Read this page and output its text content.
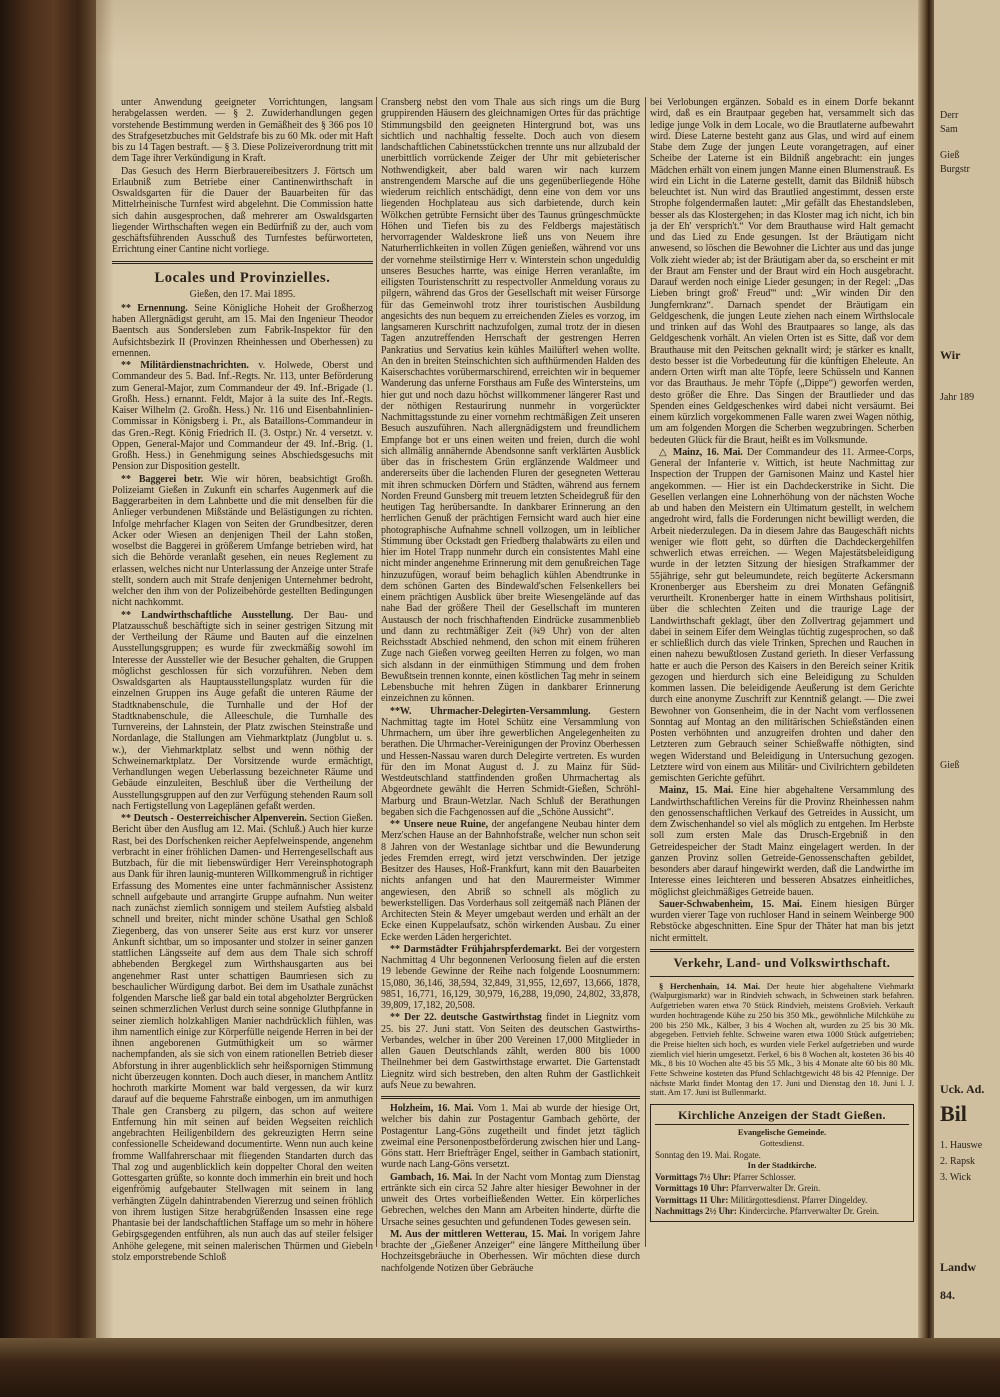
Derr
Sam
Gieß
Burgstr
Wir
Jahr 189
Gieß
Uck. Ad.
Bil
1. Hauswe
2. Rapsk
3. Wick
Landw
84.

unter Anwendung geeigneter Vorrichtungen, langsam herabgelassen werden. — § 2. Zuwiderhandlungen gegen vorstehende Bestimmung werden in Gemäßheit des § 366 pos 10 des Strafgesetzbuches mit Geldstrafe bis zu 60 Mk. oder mit Haft bis zu 14 Tagen bestraft. — § 3. Diese Polizeiverordnung tritt mit dem Tage ihrer Verkündigung in Kraft.

Das Gesuch des Herrn Bierbrauereibesitzers J. Förtsch um Erlaubniß zum Betriebe einer Cantinenwirthschaft in Oswaldsgarten für die Dauer der Bauarbeiten für das Mittelrheinische Turnfest wird abgelehnt. Die Commission hatte sich dahin ausgesprochen, daß mehrerer am Oswaldsgarten liegender Wirthschaften wegen ein Bedürfniß zu der, auch vom geschäftsführenden Ausschuß des Turnfestes befürworteten, Errichtung einer Cantine nicht vorliege.

Locales und Provinzielles.

Gießen, den 17. Mai 1895.

** Ernennung. Seine Königliche Hoheit der Großherzog haben Allergnädigst geruht, am 15. Mai den Ingenieur Theodor Baentsch aus Sondersleben zum Fabrik-Inspektor für den Aufsichtsbezirk II (Provinzen Rheinhessen und Oberhessen) zu ernennen.

** Militärdienstnachrichten. v. Holwede, Oberst und Commandeur des 5. Bad. Inf.-Regts. Nr. 113, unter Beförderung zum General-Major, zum Commandeur der 49. Inf.-Brigade (1. Großh. Hess.) ernannt. Feldt, Major à la suite des Inf.-Regts. Kaiser Wilhelm (2. Großh. Hess.) Nr. 116 und Eisenbahnlinien-Commissar in Königsberg i. Pr., als Bataillons-Commandeur in das Gren.-Regt. König Friedrich II. (3. Ostpr.) Nr. 4 versetzt. v. Oppen, General-Major und Commandeur der 49. Inf.-Brig. (1. Großh. Hess.) in Genehmigung seines Abschiedsgesuchs mit Pension zur Disposition gestellt.

** Baggerei betr. Wie wir hören, beabsichtigt Großh. Polizeiamt Gießen in Zukunft ein scharfes Augenmerk auf die Baggerarbeiten in dem Lahnbette und die mit denselben für die Anlieger verbundenen Mißstände und Belästigungen zu richten. Infolge mehrfacher Klagen von Seiten der Grundbesitzer, deren Acker oder Wiesen an denjenigen Theil der Lahn stoßen, woselbst die Baggerei in größerem Umfange betrieben wird, hat sich die Behörde veranlaßt gesehen, ein neues Reglement zu erlassen, welches nicht nur Unterlassung der Anzeige unter Strafe stellt, sondern auch mit Strafe denjenigen Unternehmer bedroht, welcher den ihm von der Polizeibehörde gestellten Bedingungen nicht nachkommt.

** Landwirthschaftliche Ausstellung. Der Bau- und Platzausschuß beschäftigte sich in seiner gestrigen Sitzung mit der Vertheilung der Räume und Bauten auf die einzelnen Ausstellungsgruppen; es wurde für zweckmäßig sowohl im Interesse der Aussteller wie der Besucher gehalten, die Gruppen möglichst geschlossen für sich vorzuführen. Neben dem Oswaldsgarten als Hauptausstellungsplatz wurden für die einzelnen Gruppen ins Auge gefaßt die unteren Räume der Stadtknabenschule, die Turnhalle und der Hof der Stadtknabenschule, die Alleeschule, die Turnhalle des Turnvereins, der Lahnstein, der Platz zwischen Steinstraße und Nordanlage, die Stallungen am Viehmarktplatz (Jungblut u. s. w.), der Viehmarktplatz selbst und wenn nöthig der Schweinemarktplatz. Der Vorsitzende wurde ermächtigt, Verhandlungen wegen Ueberlassung bezeichneter Räume und Gebäude einzuleiten, Beschluß über die Vertheilung der Ausstellungsgruppen auf den zur Verfügung stehenden Raum soll nach Fertigstellung von Lageplänen gefaßt werden.

** Deutsch - Oesterreichischer Alpenverein. Section Gießen. Bericht über den Ausflug am 12. Mai. (Schluß.) Auch hier kurze Rast, bei des Dorfschenken reicher Aepfelweinspende, angenehm verbracht in einer fröhlichen Damen- und Herrengesellschaft aus Butzbach, für die mit liebenswürdiger Herr Vereinsphotograph aus Dank für ihren launig-munteren Willkommengruß in richtiger Erfassung des Momentes eine unter fachmännischer Assistenz schnell aufgebaute und arrangirte Gruppe aufnahm. Nun weiter nach zunächst ziemlich sonnigem und steilem Aufstieg alsbald schnell und breiter, nicht minder schöne Usathal gen Schloß Ziegenberg, das von unserer Seite aus erst kurz vor unserer Ankunft sichtbar, um so imposanter und stolzer in seiner ganzen stattlichen Längsseite auf dem aus dem Thale sich schroff abhebenden Bergkegel zum Wirthshausgarten aus bei angenehmer Rast unter schattigen Baumriesen sich zu beschaulicher Würdigung darbot. Bei dem im Usathale zunächst folgenden Marsche ließ gar bald ein total abgeholzter Bergrücken seinen schmerzlichen Verlust durch seine sonnige Gluthpfanne in seiner ziemlich holzkahligen Manier nachdrücklich fühlen, was ihm namentlich einige zur Körperfülle neigende Herren in bei der ihnen angeborenen Gutmüthigkeit um so wärmer nachempfanden, als sie sich von einem rationellen Betrieb dieser Abforstung in ihrer augenblicklich sehr heißspornigen Stimmung nicht überzeugen konnten. Doch auch dieser, in manchem Antlitz hochroth markirte Moment war bald vergessen, da wir kurz darauf auf die bequeme Fahrstraße einbogen, um im anmuthigen Thale gen Cransberg zu pilgern, das schon auf weitere Entfernung hin mit seinen auf beiden Wegseiten reichlich angebrachten Heiligenbildern des gekreuzigten Herrn seine confessionelle Scheidewand documentirte. Wenn nun auch keine fromme Wallfahrerschaar mit fliegenden Standarten durch das Thal zog und augenblicklich kein doppelter Choral den weiten Gottesgarten grüßte, so konnte doch immerhin ein breit und hoch eigenfrömig aufgebauter Stellwagen mit seinem in lang verhängten Zügeln dahintrabenden Viererzug und seinen fröhlich von ihrem lustigen Sitze herabgrüßenden Insassen eine rege Phantasie bei der landschaftlichen Staffage um so mehr in höhere Gebirgsgegenden entführen, als nun auch das auf steiler felsiger Anhöhe gelegene, mit seinen malerischen Thürmen und Giebeln stolz emporstrebende Schloß

Cransberg nebst den vom Thale aus sich rings um die Burg gruppirenden Häusern des gleichnamigen Ortes für das prächtige Stimmungsbild den geeigneten Hintergrund bot, was uns sichtlich und nachhaltig fesselte. Doch auch von diesem landschaftlichen Cabinetsstückchen trennte uns nur allzubald der unerbittlich vorrückende Zeiger der Uhr mit gebieterischer Nothwendigkeit, aber bald waren wir nach kurzem anstrengendem Marsche auf die uns gegenüberliegende Höhe wiederum reichlich entschädigt, denn eine von dem vor uns liegenden Hochplateau aus sich darbietende, durch kein Wölkchen getrübte Fernsicht über des Taunus grüngeschmückte Höhen und Tiefen bis zu des Feldbergs majestätisch hervorragender Waldeskrone ließ uns von Neuem ihre Naturherrlichkeiten in vollen Zügen genießen, während vor uns der vornehme steilstirnige Herr v. Winterstein schon ungeduldig unseres Besuches harrte, was einige Herren veranlaßte, im eiligsten Touristenschritt zu respectvoller Anmeldung voraus zu pilgern, während das Gros der Gesellschaft mit weiser Fürsorge für das Gemeinwohl trotz ihrer touristischen Ausbildung angesichts des nun bequem zu erreichenden Zieles es vorzog, im langsameren Kurschritt nachzufolgen, zumal trotz der in diesen Tagen anzutreffenden Herrschaft der gestrengen Herren Pankratius und Servatius kein kühles Mailüfterl wehen wollte. An den in breiten Steinschichten sich aufthürmenden Halden des Kaiserschachtes vorübermarschirend, erreichten wir in bequemer Wanderung das unferne Forsthaus am Fuße des Wintersteins, um hier gut und noch dazu höchst willkommener längerer Rast und der nöthigen Restaurirung nunmehr in vorgerückter Nachmittagsstunde zu einer vornehm rechtmäßigen Zeit unseren Besuch auszuführen. Nach allergnädigstem und freundlichem Empfange bot er uns einen weiten und freien, durch die wohl sich allmälig annähernde Abendsonne sanft verklärten Ausblick über das in frischestem Grün erglänzende Waldmeer und andererseits über die lachenden Fluren der gesegneten Wetterau mit ihren schmucken Dörfern und Städten, während aus fernem Norden Freund Gunsberg mit treuem letzten Scheidegruß für den heutigen Tag herübersandte. In dankbarer Erinnerung an den herrlichen Genuß der prächtigen Fernsicht ward auch hier eine photographische Aufnahme schnell vollzogen, um in leiblicher Stimmung über Ockstadt gen Friedberg thalabwärts zu eilen und hier im Hotel Trapp nunmehr durch ein consistentes Mahl eine nicht minder angenehme Erinnerung mit dem genußreichen Tage hinzuzufügen, worauf beim behaglich kühlen Abendtrunke in dem schönen Garten des Bindewald'schen Felsenkellers bei einem prächtigen Ausblick über breite Wiesengelände auf das nahe Bad der größere Theil der Gesellschaft im munteren Austausch der noch frischhaftenden Eindrücke zusammenblieb und dann zu rechtmäßiger Zeit (¾9 Uhr) von der alten Reichsstadt Abschied nehmend, den schon mit einem früheren Zuge nach Gießen vorweg geeilten Herren zu folgen, wo man sich alsdann in der einmüthigen Stimmung und dem frohen Bewußtsein trennen konnte, einen köstlichen Tag mehr in seinem Lebensbuche mit hehren Zügen in dankbarer Erinnerung einzeichnen zu können.

**W. Uhrmacher-Delegirten-Versammlung. Gestern Nachmittag tagte im Hotel Schütz eine Versammlung von Uhrmachern, um über ihre gewerblichen Angelegenheiten zu berathen. Die Uhrmacher-Vereinigungen der Provinz Oberhessen und Hessen-Nassau waren durch Delegirte vertreten. Es wurden für den im Monat August d. J. zu Mainz für Süd-Westdeutschland stattfindenden großen Uhrmachertag als Abgeordnete gewählt die Herren Schmidt-Gießen, Schröhl-Marburg und Braun-Wetzlar. Nach Schluß der Berathungen begaben sich die Fachgenossen auf die „Schöne Aussicht“.

** Unsere neue Ruine, der angefangene Neubau hinter dem Merz'schen Hause an der Bahnhofstraße, welcher nun schon seit 8 Jahren von der Westanlage sichtbar und die Bewunderung jedes Fremden erregt, wird jetzt verschwinden. Der jetzige Besitzer des Hauses, Hoß-Frankfurt, kann mit den Bauarbeiten nichts anfangen und hat den Maurermeister Wimmer angewiesen, den Abriß so schnell als möglich zu bewerkstelligen. Das Vorderhaus soll zeitgemäß nach Plänen der Architecten Stein & Meyer umgebaut werden und erhält an der Ecke einen Kuppelaufsatz, schön wirkenden Ausbau. Zu einer Ecke werden Läden hergerichtet.

** Darmstädter Frühjahrspferdemarkt. Bei der vorgestern Nachmittag 4 Uhr begonnenen Verloosung fielen auf die ersten 19 lebende Gewinne der Reihe nach folgende Loosnummern: 15,080, 36,146, 38,594, 32,849, 31,955, 12,697, 13,666, 1878, 9851, 16,771, 16,129, 30,979, 16,288, 19,090, 24,802, 33,878, 39,809, 17,182, 20,508.

** Der 22. deutsche Gastwirthstag findet in Liegnitz vom 25. bis 27. Juni statt. Von Seiten des deutschen Gastwirths-Verbandes, welcher in über 200 Vereinen 17,000 Mitglieder in allen Gauen Deutschlands zählt, werden 800 bis 1000 Theilnehmer bei dem Gastwirthstage erwartet. Die Gartenstadt Liegnitz wird sich bestreben, den alten Ruhm der Gastlichkeit aufs Neue zu bewahren.

Holzheim, 16. Mai. Vom 1. Mai ab wurde der hiesige Ort, welcher bis dahin zur Postagentur Gambach gehörte, der Postagentur Lang-Göns zugetheilt und findet jetzt täglich zweimal eine Personenpostbeförderung zwischen hier und Lang-Göns statt. Herr Briefträger Engel, seither in Gambach stationirt, wurde nach Lang-Göns versetzt.

Gambach, 16. Mai. In der Nacht vom Montag zum Dienstag ertränkte sich ein circa 52 Jahre alter hiesiger Bewohner in der unweit des Ortes vorbeifließenden Wetter. Ein körperliches Gebrechen, welches den Mann am Arbeiten hinderte, dürfte die Ursache seines gesuchten und gefundenen Todes gewesen sein.

M. Aus der mittleren Wetterau, 15. Mai. In vorigem Jahre brachte der „Gießener Anzeiger“ eine längere Mittheilung über Hochzeitsgebräuche in Oberhessen. Wir möchten diese durch nachfolgende Notizen über Gebräuche

bei Verlobungen ergänzen. Sobald es in einem Dorfe bekannt wird, daß es ein Brautpaar gegeben hat, versammelt sich das ledige junge Volk in dem Locale, wo die Brautlaterne aufbewahrt wird. Diese Laterne besteht ganz aus Glas, und wird auf einem Stabe dem Zuge der jungen Leute vorangetragen, auf einer Scheibe der Laterne ist ein Bildniß angebracht: ein junges Mädchen erhält von einem jungen Manne einen Blumenstrauß. Es wird ein Licht in die Laterne gestellt, damit das Bildniß hübsch beleuchtet ist. Nun wird das Brautlied angestimmt, dessen erste Strophe folgendermaßen lautet: „Mir gefällt das Ehestandsleben, besser als das Klostergehen; in das Kloster mag ich nicht, ich bin ja der Eh' versprich't.“ Vor dem Brauthause wird Halt gemacht und das Lied zu Ende gesungen. Ist der Bräutigam nicht anwesend, so löschen die Bewohner die Lichter aus und das junge Volk zieht wieder ab; ist der Bräutigam aber da, so erscheint er mit der Braut am Fenster und der Braut wird ein Hoch ausgebracht. Darauf werden noch einige Lieder gesungen; in der Regel: „Das Lieben bringt groß' Freud'“ und: „Wir winden Dir den Jungfernkranz“. Darnach spendet der Bräutigam ein Geldgeschenk, die jungen Leute ziehen nach einem Wirthslocale und trinken auf das Wohl des Brautpaares so lange, als das Geldgeschenk vorhält. An vielen Orten ist es Sitte, daß vor dem Brauthause mit den Peitschen geknallt wird; je stärker es knallt, desto besser ist die Vorbedeutung für die künftigen Eheleute. An andern Orten wirft man alte Töpfe, leere Schüsseln und Kannen vor das Brauthaus. Je mehr Töpfe („Dippe“) geworfen werden, desto größer die Ehre. Das Singen der Brautlieder und das Spenden eines Geldgeschenkes wird dabei nicht versäumt. Bei einem kürzlich vorgekommenen Falle waren zwei Wagen nöthig, um am folgenden Morgen die Scherben wegzubringen. Scherben bedeuten Glück für die Braut, heißt es im Volksmunde.

△ Mainz, 16. Mai. Der Commandeur des 11. Armee-Corps, General der Infanterie v. Wittich, ist heute Nachmittag zur Inspection der Truppen der Garnisonen Mainz und Kastel hier angekommen. — Hier ist ein Dachdeckerstrike in Sicht. Die Gesellen verlangen eine Lohnerhöhung von der nächsten Woche ab und haben den Meistern ein Ultimatum gestellt, in welchem angedroht wird, falls die Forderungen nicht bewilligt werden, die Arbeit niederzulegen. Da in diesem Jahre das Baugeschäft nichts weniger wie flott geht, so dürften die Dachdeckergehilfen schwerlich etwas erreichen. — Wegen Majestätsbeleidigung wurde in der letzten Sitzung der hiesigen Strafkammer der 55jährige, sehr gut beleumundete, reich begüterte Ackersmann Kronenberger aus Ebersheim zu drei Monaten Gefängniß verurtheilt. Kronenberger hatte in einem Wirthshaus politisirt, über die schlechten Zeiten und die traurige Lage der Landwirthschaft geklagt, über den Zollvertrag gejammert und dabei in seinem Eifer dem Weinglas tüchtig zugesprochen, so daß er schließlich durch das viele Trinken, Sprechen und Rauchen in einen nahezu bewußtlosen Zustand gerieth. In dieser Verfassung hatte er auch die Person des Kaisers in den Bereich seiner Kritik gezogen und hierdurch sich eine Beleidigung zu Schulden kommen lassen. Die beleidigende Aeußerung ist dem Gerichte durch eine anonyme Zuschrift zur Kenntniß gelangt. — Die zwei Bewohner von Gonsenheim, die in der Nacht vom verflossenen Sonntag auf Montag an den militärischen Schießständen einen Posten verhöhnten und anzugreifen drohten und daher den Letzteren zum Gebrauch seiner Schießwaffe nöthigten, sind wegen Widerstand und Beleidigung in Untersuchung gezogen. Letztere wird von einem aus Militär- und Civilrichtern gebildeten gemischten Gerichte geführt.

Mainz, 15. Mai. Eine hier abgehaltene Versammlung des Landwirthschaftlichen Vereins für die Provinz Rheinhessen nahm den genossenschaftlichen Verkauf des Getreides in Aussicht, um dem Zwischenhandel so viel als möglich zu entgehen. Im Herbste soll zum ersten Male das Drusch-Ergebniß in den Getreidespeicher der Stadt Mainz eingelagert werden. In der ganzen Provinz sollen Getreide-Genossenschaften gebildet, besonders aber darauf hingewirkt werden, daß die Landwirthe im Interesse eines leichteren und besseren Absatzes einheitliches, möglichst gleichmäßiges Getreide bauen.

Sauer-Schwabenheim, 15. Mai. Einem hiesigen Bürger wurden vierer Tage von ruchloser Hand in seinem Weinberge 900 Rebstöcke abgeschnitten. Eine Spur der Thäter hat man bis jetzt nicht ermittelt.

Verkehr, Land- und Volkswirthschaft.

§ Herchenhain, 14. Mai. Der heute hier abgehaltene Viehmarkt (Walpurgismarkt) war in Rindvieh schwach, in Schweinen stark befahren. Aufgetrieben waren etwa 70 Stück Rindvieh, meistens Großvieh. Verkauft wurden hochtragende Kühe zu 250 bis 350 Mk., gewöhnliche Milchkühe zu 200 bis 250 Mk., Kälber, 3 bis 4 Wochen alt, wurden zu 25 bis 30 Mk. abgegeben. Fettvieh fehlte. Schweine waren etwa 1000 Stück aufgetrieben; die Preise hielten sich hoch, es wurden viele Ferkel aufgetrieben und wurde ziemlich viel hierin umgesetzt. Ferkel, 6 bis 8 Wochen alt, kosteten 36 bis 40 Mk., 8 bis 10 Wochen alte 45 bis 55 Mk., 3 bis 4 Monate alte 60 bis 80 Mk. Fette Schweine kosteten das Pfund Schlachtgewicht 48 bis 42 Pfennige. Der nächste Markt findet Montag den 17. Juni und Dienstag den 18. Juni l. J. statt. Am 17. Juni ist Bullenmarkt.

Kirchliche Anzeigen der Stadt Gießen.

Evangelische Gemeinde.

Gottesdienst.

Sonntag den 19. Mai. Rogate.

In der Stadtkirche.

Vormittags 7½ Uhr: Pfarrer Schlosser.

Vormittags 10 Uhr: Pfarrverwalter Dr. Grein.

Vormittags 11 Uhr: Militärgottesdienst. Pfarrer Dingeldey.

Nachmittags 2½ Uhr: Kindercirche. Pfarrverwalter Dr. Grein.
